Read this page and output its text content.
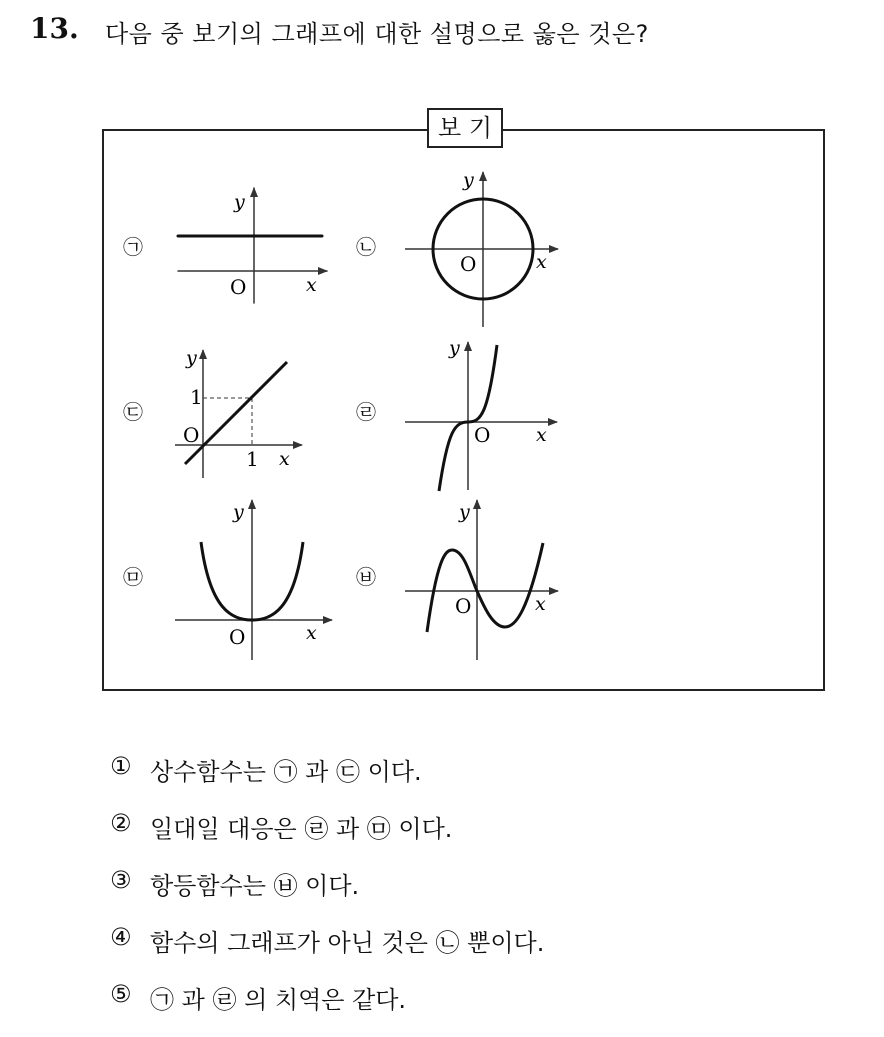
13. 다음 중 보기의 그래프에 대한 설명으로 옳은 것은?
보 기
㉠	㉡
㉢	㉣
㉤	㉥
y
O	x
y
O	x
y
1
O
1 x
y
O x
y
O	x
y
O	x
① 상수함수는 ㉠ 과 ㉢ 이다.
② 일대일 대응은 ㉣ 과 ㉤ 이다.
③ 항등함수는 ㉥ 이다.
④ 함수의 그래프가 아닌 것은 ㉡ 뿐이다.
⑤ ㉠ 과 ㉣ 의 치역은 같다.
